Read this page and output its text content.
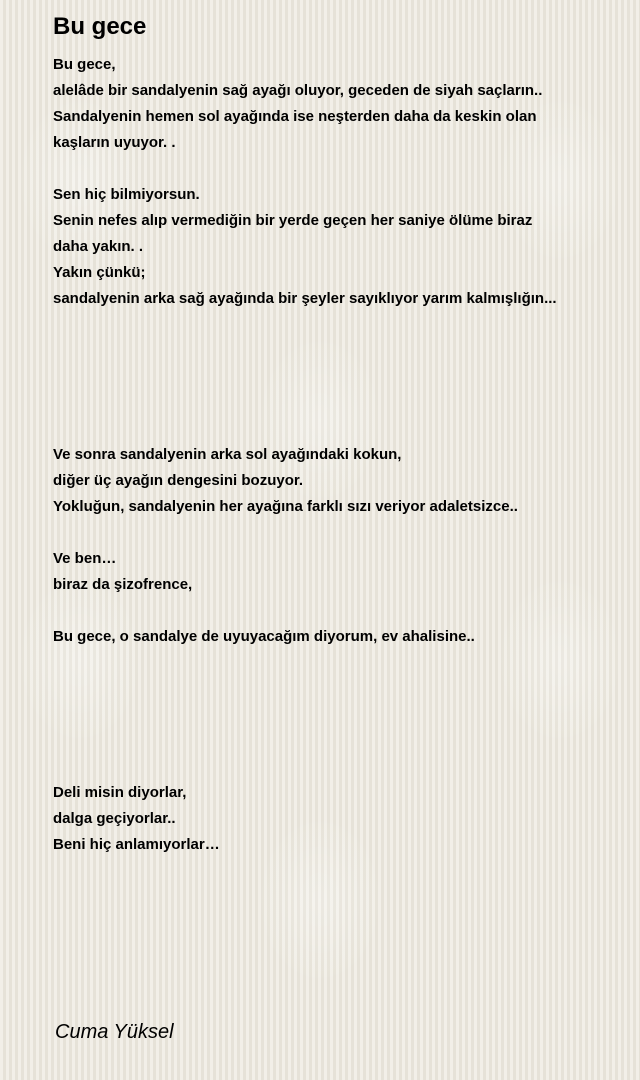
Bu gece
Bu gece,
alelâde bir sandalyenin sağ ayağı oluyor, geceden de siyah saçların..
Sandalyenin hemen sol ayağında ise neşterden daha da keskin olan
kaşların uyuyor. .
Sen hiç bilmiyorsun.
Senin nefes alıp vermediğin bir yerde geçen her saniye ölüme biraz
daha yakın. .
Yakın çünkü;
sandalyenin arka sağ ayağında bir şeyler sayıklıyor yarım kalmışlığın...
Ve sonra sandalyenin arka sol ayağındaki kokun,
diğer üç ayağın dengesini bozuyor.
Yokluğun, sandalyenin her ayağına farklı sızı veriyor adaletsizce..
Ve ben…
biraz da şizofrence,
Bu gece, o sandalye de uyuyacağım diyorum, ev ahalisine..
Deli misin diyorlar,
dalga geçiyorlar..
Beni hiç anlamıyorlar…

Cuma Yüksel
